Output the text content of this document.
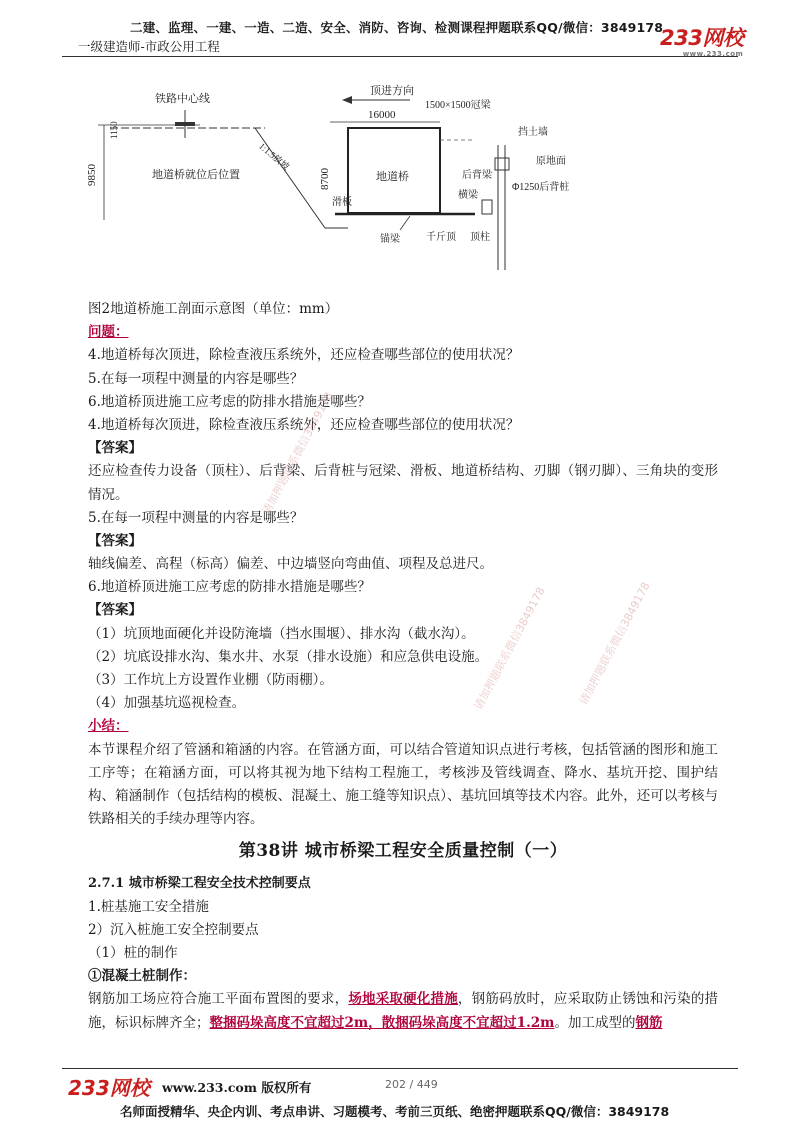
二建、监理、一建、一造、二造、安全、消防、咨询、检测课程押题联系QQ/微信：3849178
一级建造师-市政公用工程	233网校
www.233.com
9850
1150
铁路中心线
地道桥就位后位置
1:1.5放坡
8700
滑板
顶进方向
1500×1500冠梁
16000
地道桥
挡土墙
原地面
Φ1250后背桩
后背梁
横梁
锚梁	千斤顶 顶柱
图2地道桥施工剖面示意图（单位：mm）
问题：
4.地道桥每次顶进，除检查液压系统外，还应检查哪些部位的使用状况？
5.在每一项程中测量的内容是哪些？
6.地道桥顶进施工应考虑的防排水措施是哪些？
4.地道桥每次顶进，除检查液压系统外，还应检查哪些部位的使用状况？
【答案】
还应检查传力设备（顶柱）、后背梁、后背桩与冠梁、滑板、地道桥结构、刃脚（钢刃脚）、三角块的变形情况。
5.在每一项程中测量的内容是哪些？
【答案】
轴线偏差、高程（标高）偏差、中边墙竖向弯曲值、项程及总进尺。
6.地道桥顶进施工应考虑的防排水措施是哪些？
【答案】
（1）坑顶地面硬化并设防淹墙（挡水围堰）、排水沟（截水沟）。
（2）坑底设排水沟、集水井、水泵（排水设施）和应急供电设施。
（3）工作坑上方设置作业棚（防雨棚）。
（4）加强基坑巡视检查。
小结：
本节课程介绍了管涵和箱涵的内容。在管涵方面，可以结合管道知识点进行考核，包括管涵的图形和施工工序等；在箱涵方面，可以将其视为地下结构工程施工，考核涉及管线调查、降水、基坑开挖、围护结构、箱涵制作（包括结构的模板、混凝土、施工缝等知识点）、基坑回填等技术内容。此外，还可以考核与铁路相关的手续办理等内容。
第38讲 城市桥梁工程安全质量控制（一）
2.7.1 城市桥梁工程安全技术控制要点
1.桩基施工安全措施
2）沉入桩施工安全控制要点
（1）桩的制作
①混凝土桩制作：
钢筋加工场应符合施工平面布置图的要求，场地采取硬化措施，钢筋码放时，应采取防止锈蚀和污染的措施，标识标牌齐全；整捆码垛高度不宜超过2m，散捆码垛高度不宜超过1.2m。加工成型的钢筋
请加押题联系微信3849178
请加押题联系微信3849178	请加押题联系微信3849178
233网校 www.233.com 版权所有	202 / 449
名师面授精华、央企内训、考点串讲、习题模考、考前三页纸、绝密押题联系QQ/微信：3849178
